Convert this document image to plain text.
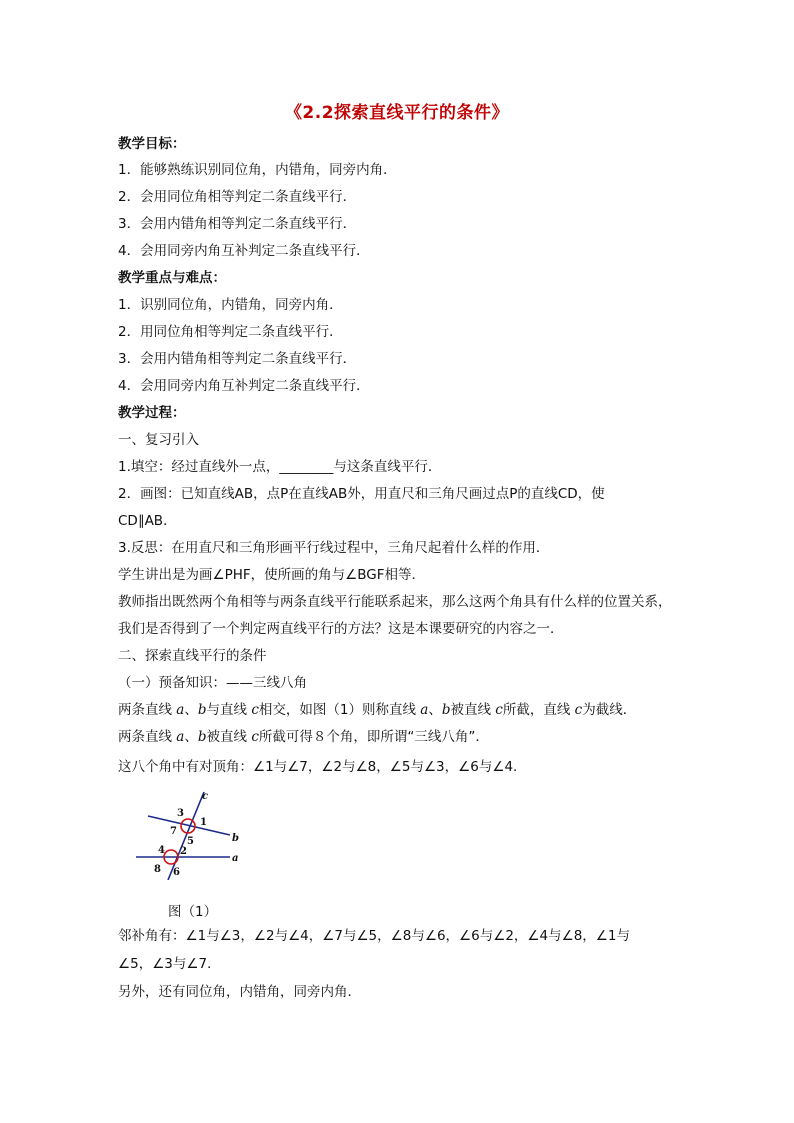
《2.2探索直线平行的条件》
教学目标：
1．能够熟练识别同位角，内错角，同旁内角．
2．会用同位角相等判定二条直线平行．
3．会用内错角相等判定二条直线平行．
4．会用同旁内角互补判定二条直线平行．
教学重点与难点：
1．识别同位角，内错角，同旁内角．
2．用同位角相等判定二条直线平行．
3．会用内错角相等判定二条直线平行．
4．会用同旁内角互补判定二条直线平行．
教学过程：
一、复习引入
1.填空：经过直线外一点，________与这条直线平行．
2．画图：已知直线AB，点P在直线AB外，用直尺和三角尺画过点P的直线CD，使
CD∥AB．
3.反思：在用直尺和三角形画平行线过程中，三角尺起着什么样的作用．
学生讲出是为画∠PHF，使所画的角与∠BGF相等．
教师指出既然两个角相等与两条直线平行能联系起来，那么这两个角具有什么样的位置关系，
我们是否得到了一个判定两直线平行的方法？这是本课要研究的内容之一．
二、探索直线平行的条件
（一）预备知识：——三线八角
两条直线 a、b与直线 c相交，如图（1）则称直线 a、b被直线 c所截，直线 c为截线．
两条直线 a、b被直线 c所截可得８个角，即所谓“三线八角”．
这八个角中有对顶角：∠1与∠7，∠2与∠8，∠5与∠3，∠6与∠4．
c
b
a
1
2
3
4
5
6
7
8
图（1）
邻补角有：∠1与∠3，∠2与∠4，∠7与∠5，∠8与∠6，∠6与∠2，∠4与∠8，∠1与
∠5，∠3与∠7．
另外，还有同位角，内错角，同旁内角．
